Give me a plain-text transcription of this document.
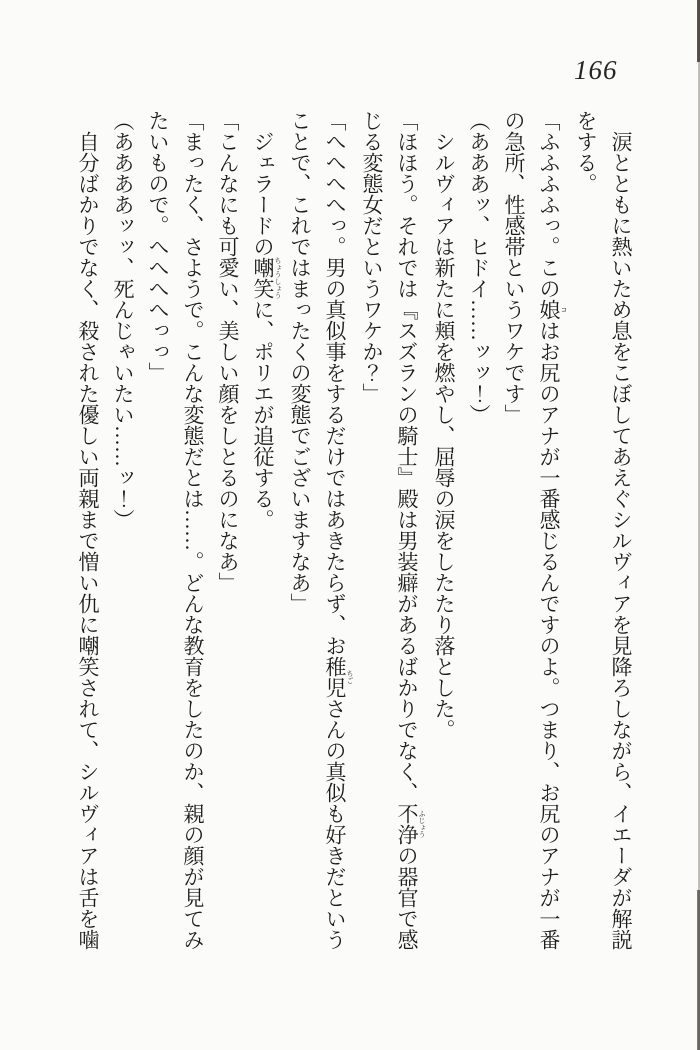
166

涙とともに熱いため息をこぼしてあえぐシルヴィアを見降ろしながら、イエーダが解説をする。

「ふふふふっ。この娘 コはお尻のアナが一番感じるんですのよ。つまり、お尻のアナが一番の急所、性感帯というワケです」

（あああッ、ヒドイ……ッッ！）

シルヴィアは新たに頬を燃やし、屈辱の涙をしたたり落とした。

「ほほう。それでは『スズランの騎士』殿は男装癖があるばかりでなく、不浄 ふじょうの器官で感じる変態女だというワケか？」

「へへへへっ。男の真似事をするだけではあきたらず、お稚児 ちごさんの真似も好きだということで、これではまったくの変態でございますなあ」

ジェラードの嘲笑 ちょうしょうに、ポリエが追従する。

「こんなにも可愛い、美しい顔をしとるのになあ」

「まったく、さようで。こんな変態だとは……。どんな教育をしたのか、親の顔が見てみたいもので。へへへへっっ」

（ああああッッ、死んじゃいたい……ッ！）

自分ばかりでなく、殺された優しい両親まで憎い仇に嘲笑されて、シルヴィアは舌を噛
